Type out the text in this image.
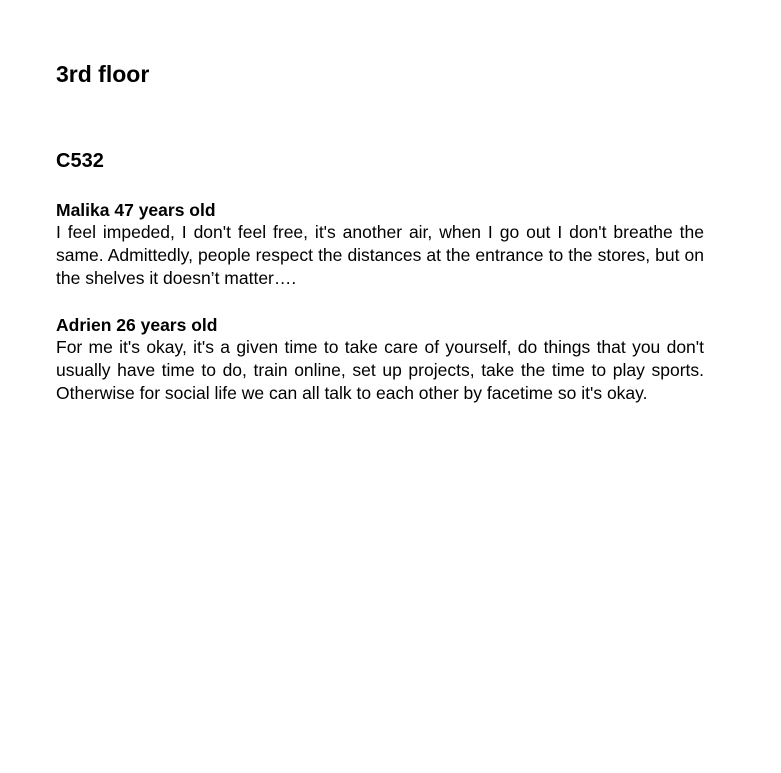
3rd floor
C532

Malika 47 years old

I feel impeded, I don't feel free, it's another air, when I go out I don't breathe the same. Admittedly, people respect the distances at the entrance to the stores, but on the shelves it doesn’t matter….

Adrien 26 years old

For me it's okay, it's a given time to take care of yourself, do things that you don't usually have time to do, train online, set up projects, take the time to play sports. Otherwise for social life we can all talk to each other by facetime so it's okay.
